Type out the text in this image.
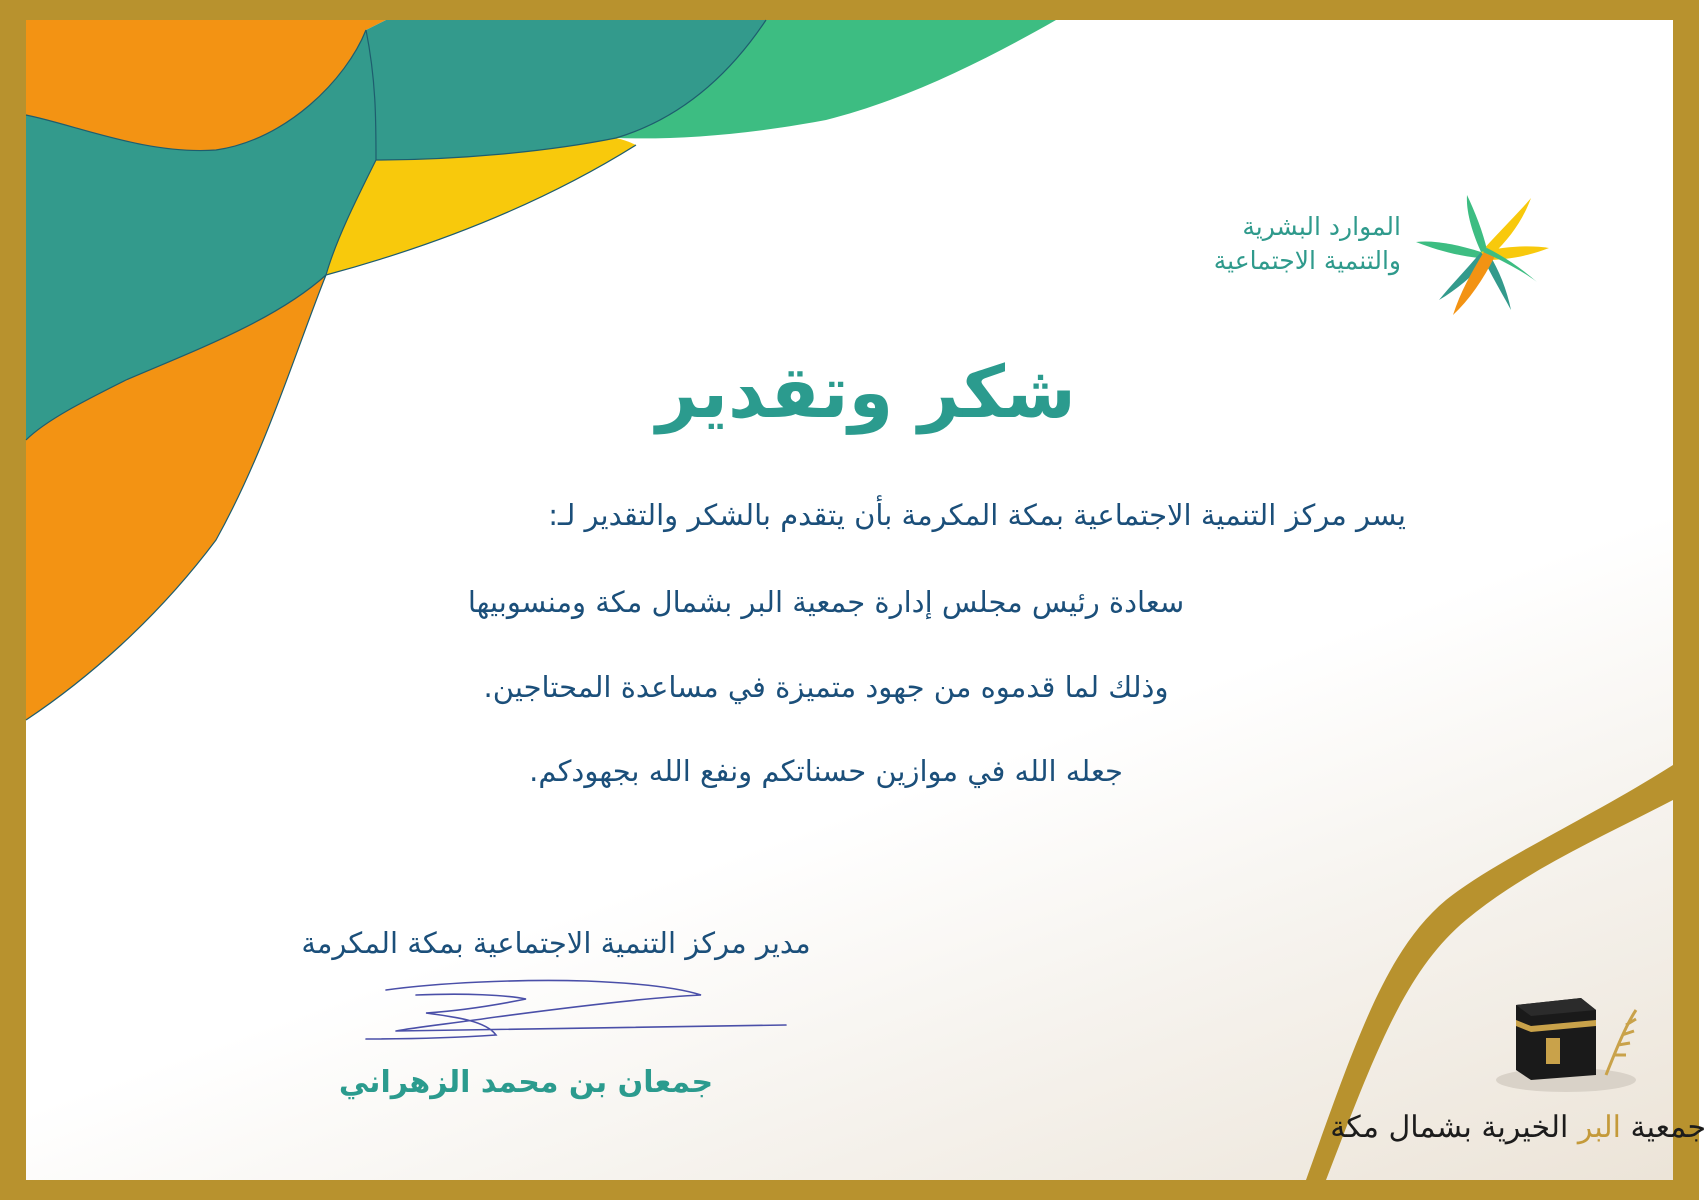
الموارد البشرية
والتنمية الاجتماعية
شكر وتقدير
يسر مركز التنمية الاجتماعية بمكة المكرمة بأن يتقدم بالشكر والتقدير لـ:
سعادة رئيس مجلس إدارة جمعية البر بشمال مكة ومنسوبيها
وذلك لما قدموه من جهود متميزة في مساعدة المحتاجين.
جعله الله في موازين حسناتكم ونفع الله بجهودكم.
مدير مركز التنمية الاجتماعية بمكة المكرمة
جمعان بن محمد الزهراني
جمعية البر الخيرية بشمال مكة
